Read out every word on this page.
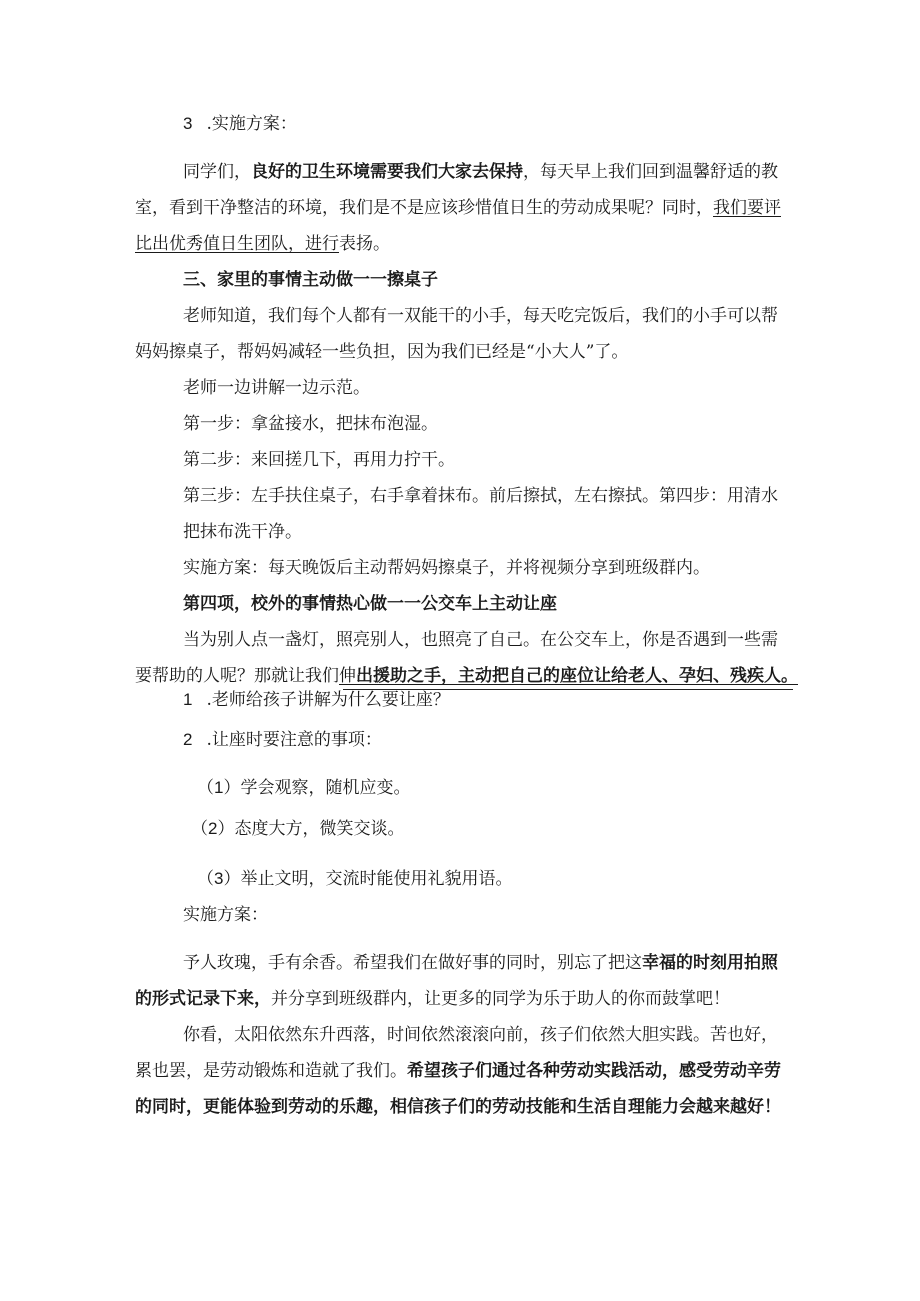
3 .实施方案：
同学们，良好的卫生环境需要我们大家去保持，每天早上我们回到温馨舒适的教
室，看到干净整洁的环境，我们是不是应该珍惜值日生的劳动成果呢？同时，我们要评
比出优秀值日生团队，进行表扬。
三、家里的事情主动做一一擦桌子
老师知道，我们每个人都有一双能干的小手，每天吃完饭后，我们的小手可以帮
妈妈擦桌子，帮妈妈减轻一些负担，因为我们已经是“小大人”了。
老师一边讲解一边示范。
第一步：拿盆接水，把抹布泡湿。
第二步：来回搓几下，再用力拧干。
第三步：左手扶住桌子，右手拿着抹布。前后擦拭，左右擦拭。第四步：用清水
把抹布洗干净。
实施方案：每天晚饭后主动帮妈妈擦桌子，并将视频分享到班级群内。
第四项，校外的事情热心做一一公交车上主动让座
当为别人点一盏灯，照亮别人，也照亮了自己。在公交车上，你是否遇到一些需
要帮助的人呢？那就让我们伸出援助之手，主动把自己的座位让给老人、孕妇、残疾人。
1 .老师给孩子讲解为什么要让座？
2 .让座时要注意的事项：
（1）学会观察，随机应变。
（2）态度大方，微笑交谈。
（3）举止文明，交流时能使用礼貌用语。
实施方案：
予人玫瑰，手有余香。希望我们在做好事的同时，别忘了把这幸福的时刻用拍照
的形式记录下来，并分享到班级群内，让更多的同学为乐于助人的你而鼓掌吧！
你看，太阳依然东升西落，时间依然滚滚向前，孩子们依然大胆实践。苦也好，
累也罢，是劳动锻炼和造就了我们。希望孩子们通过各种劳动实践活动，感受劳动辛劳
的同时，更能体验到劳动的乐趣，相信孩子们的劳动技能和生活自理能力会越来越好！
